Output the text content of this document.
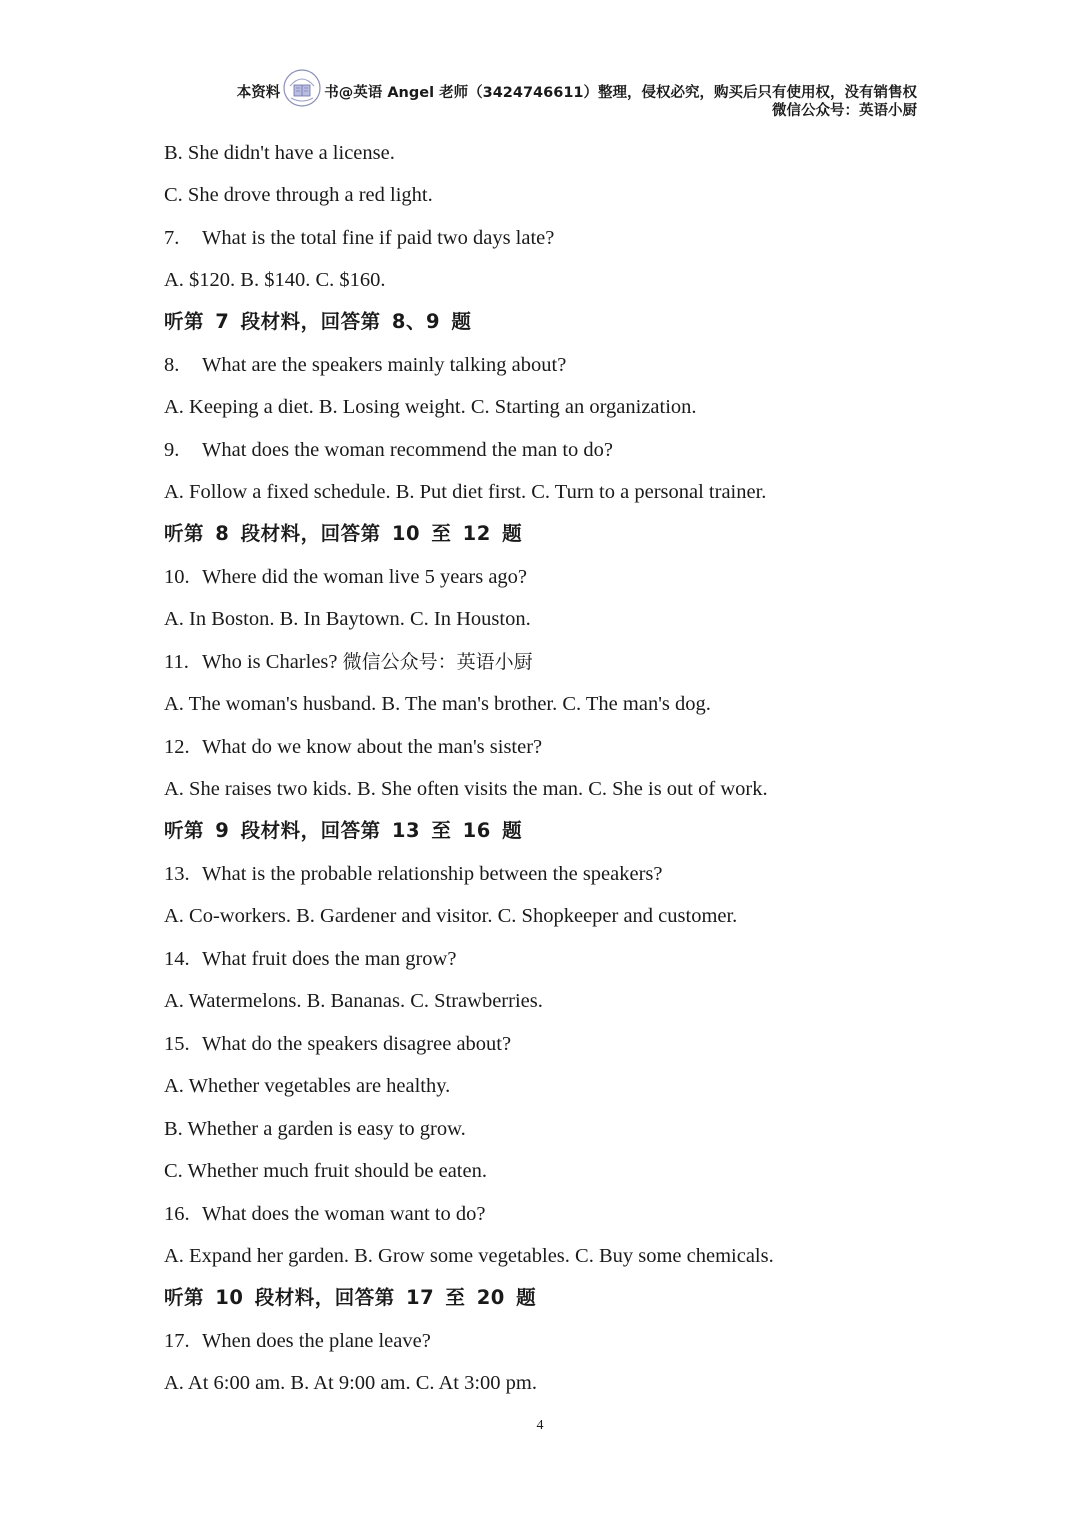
本资料	书@英语 Angel 老师（3424746611）整理，侵权必究，购买后只有使用权，没有销售权
微信公众号：英语小厨
B. She didn't have a license.
C. She drove through a red light.
7. What is the total fine if paid two days late?
A. $120. B. $140. C. $160.
听第 7 段材料，回答第 8、9 题
8. What are the speakers mainly talking about?
A. Keeping a diet. B. Losing weight. C. Starting an organization.
9. What does the woman recommend the man to do?
A. Follow a fixed schedule. B. Put diet first. C. Turn to a personal trainer.
听第 8 段材料，回答第 10 至 12 题
10. Where did the woman live 5 years ago?
A. In Boston. B. In Baytown. C. In Houston.
11. Who is Charles? 微信公众号：英语小厨
A. The woman's husband. B. The man's brother. C. The man's dog.
12. What do we know about the man's sister?
A. She raises two kids. B. She often visits the man. C. She is out of work.
听第 9 段材料，回答第 13 至 16 题
13. What is the probable relationship between the speakers?
A. Co-workers. B. Gardener and visitor. C. Shopkeeper and customer.
14. What fruit does the man grow?
A. Watermelons. B. Bananas. C. Strawberries.
15. What do the speakers disagree about?
A. Whether vegetables are healthy.
B. Whether a garden is easy to grow.
C. Whether much fruit should be eaten.
16. What does the woman want to do?
A. Expand her garden. B. Grow some vegetables. C. Buy some chemicals.
听第 10 段材料，回答第 17 至 20 题
17. When does the plane leave?
A. At 6:00 am. B. At 9:00 am. C. At 3:00 pm.
4
